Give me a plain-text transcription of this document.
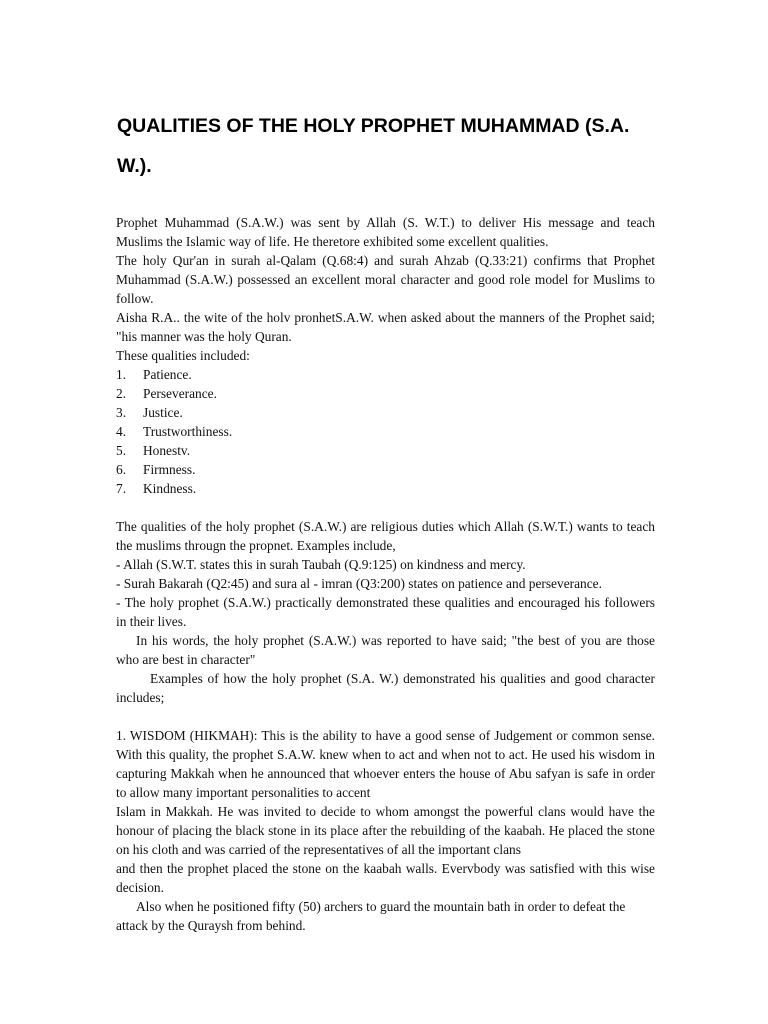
QUALITIES OF THE HOLY PROPHET MUHAMMAD (S.A. W.).

Prophet Muhammad (S.A.W.) was sent by Allah (S. W.T.) to deliver His message and teach Muslims the Islamic way of life. He theretore exhibited some excellent qualities.

The holy Qur'an in surah al-Qalam (Q.68:4) and surah Ahzab (Q.33:21) confirms that Prophet Muhammad (S.A.W.) possessed an excellent moral character and good role model for Muslims to follow.

Aisha R.A.. the wite of the holv pronhetS.A.W. when asked about the manners of the Prophet said; "his manner was the holy Quran.

These qualities included:

1.	Patience.
2.	Perseverance.
3.	Justice.
4.	Trustworthiness.
5.	Honestv.
6.	Firmness.
7.	Kindness.

The qualities of the holy prophet (S.A.W.) are religious duties which Allah (S.W.T.) wants to teach the muslims througn the propnet. Examples include,

- Allah (S.W.T. states this in surah Taubah (Q.9:125) on kindness and mercy.

- Surah Bakarah (Q2:45) and sura al - imran (Q3:200) states on patience and perseverance.

- The holy prophet (S.A.W.) practically demonstrated these qualities and encouraged his followers in their lives.

In his words, the holy prophet (S.A.W.) was reported to have said; "the best of you are those who are best in character"

Examples of how the holy prophet (S.A. W.) demonstrated his qualities and good character includes;

1. WISDOM (HIKMAH): This is the ability to have a good sense of Judgement or common sense. With this quality, the prophet S.A.W. knew when to act and when not to act. He used his wisdom in capturing Makkah when he announced that whoever enters the house of Abu safyan is safe in order to allow many important personalities to accent

Islam in Makkah. He was invited to decide to whom amongst the powerful clans would have the honour of placing the black stone in its place after the rebuilding of the kaabah. He placed the stone on his cloth and was carried of the representatives of all the important clans

and then the prophet placed the stone on the kaabah walls. Evervbody was satisfied with this wise decision.

Also when he positioned fifty (50) archers to guard the mountain bath in order to defeat the attack by the Quraysh from behind.
